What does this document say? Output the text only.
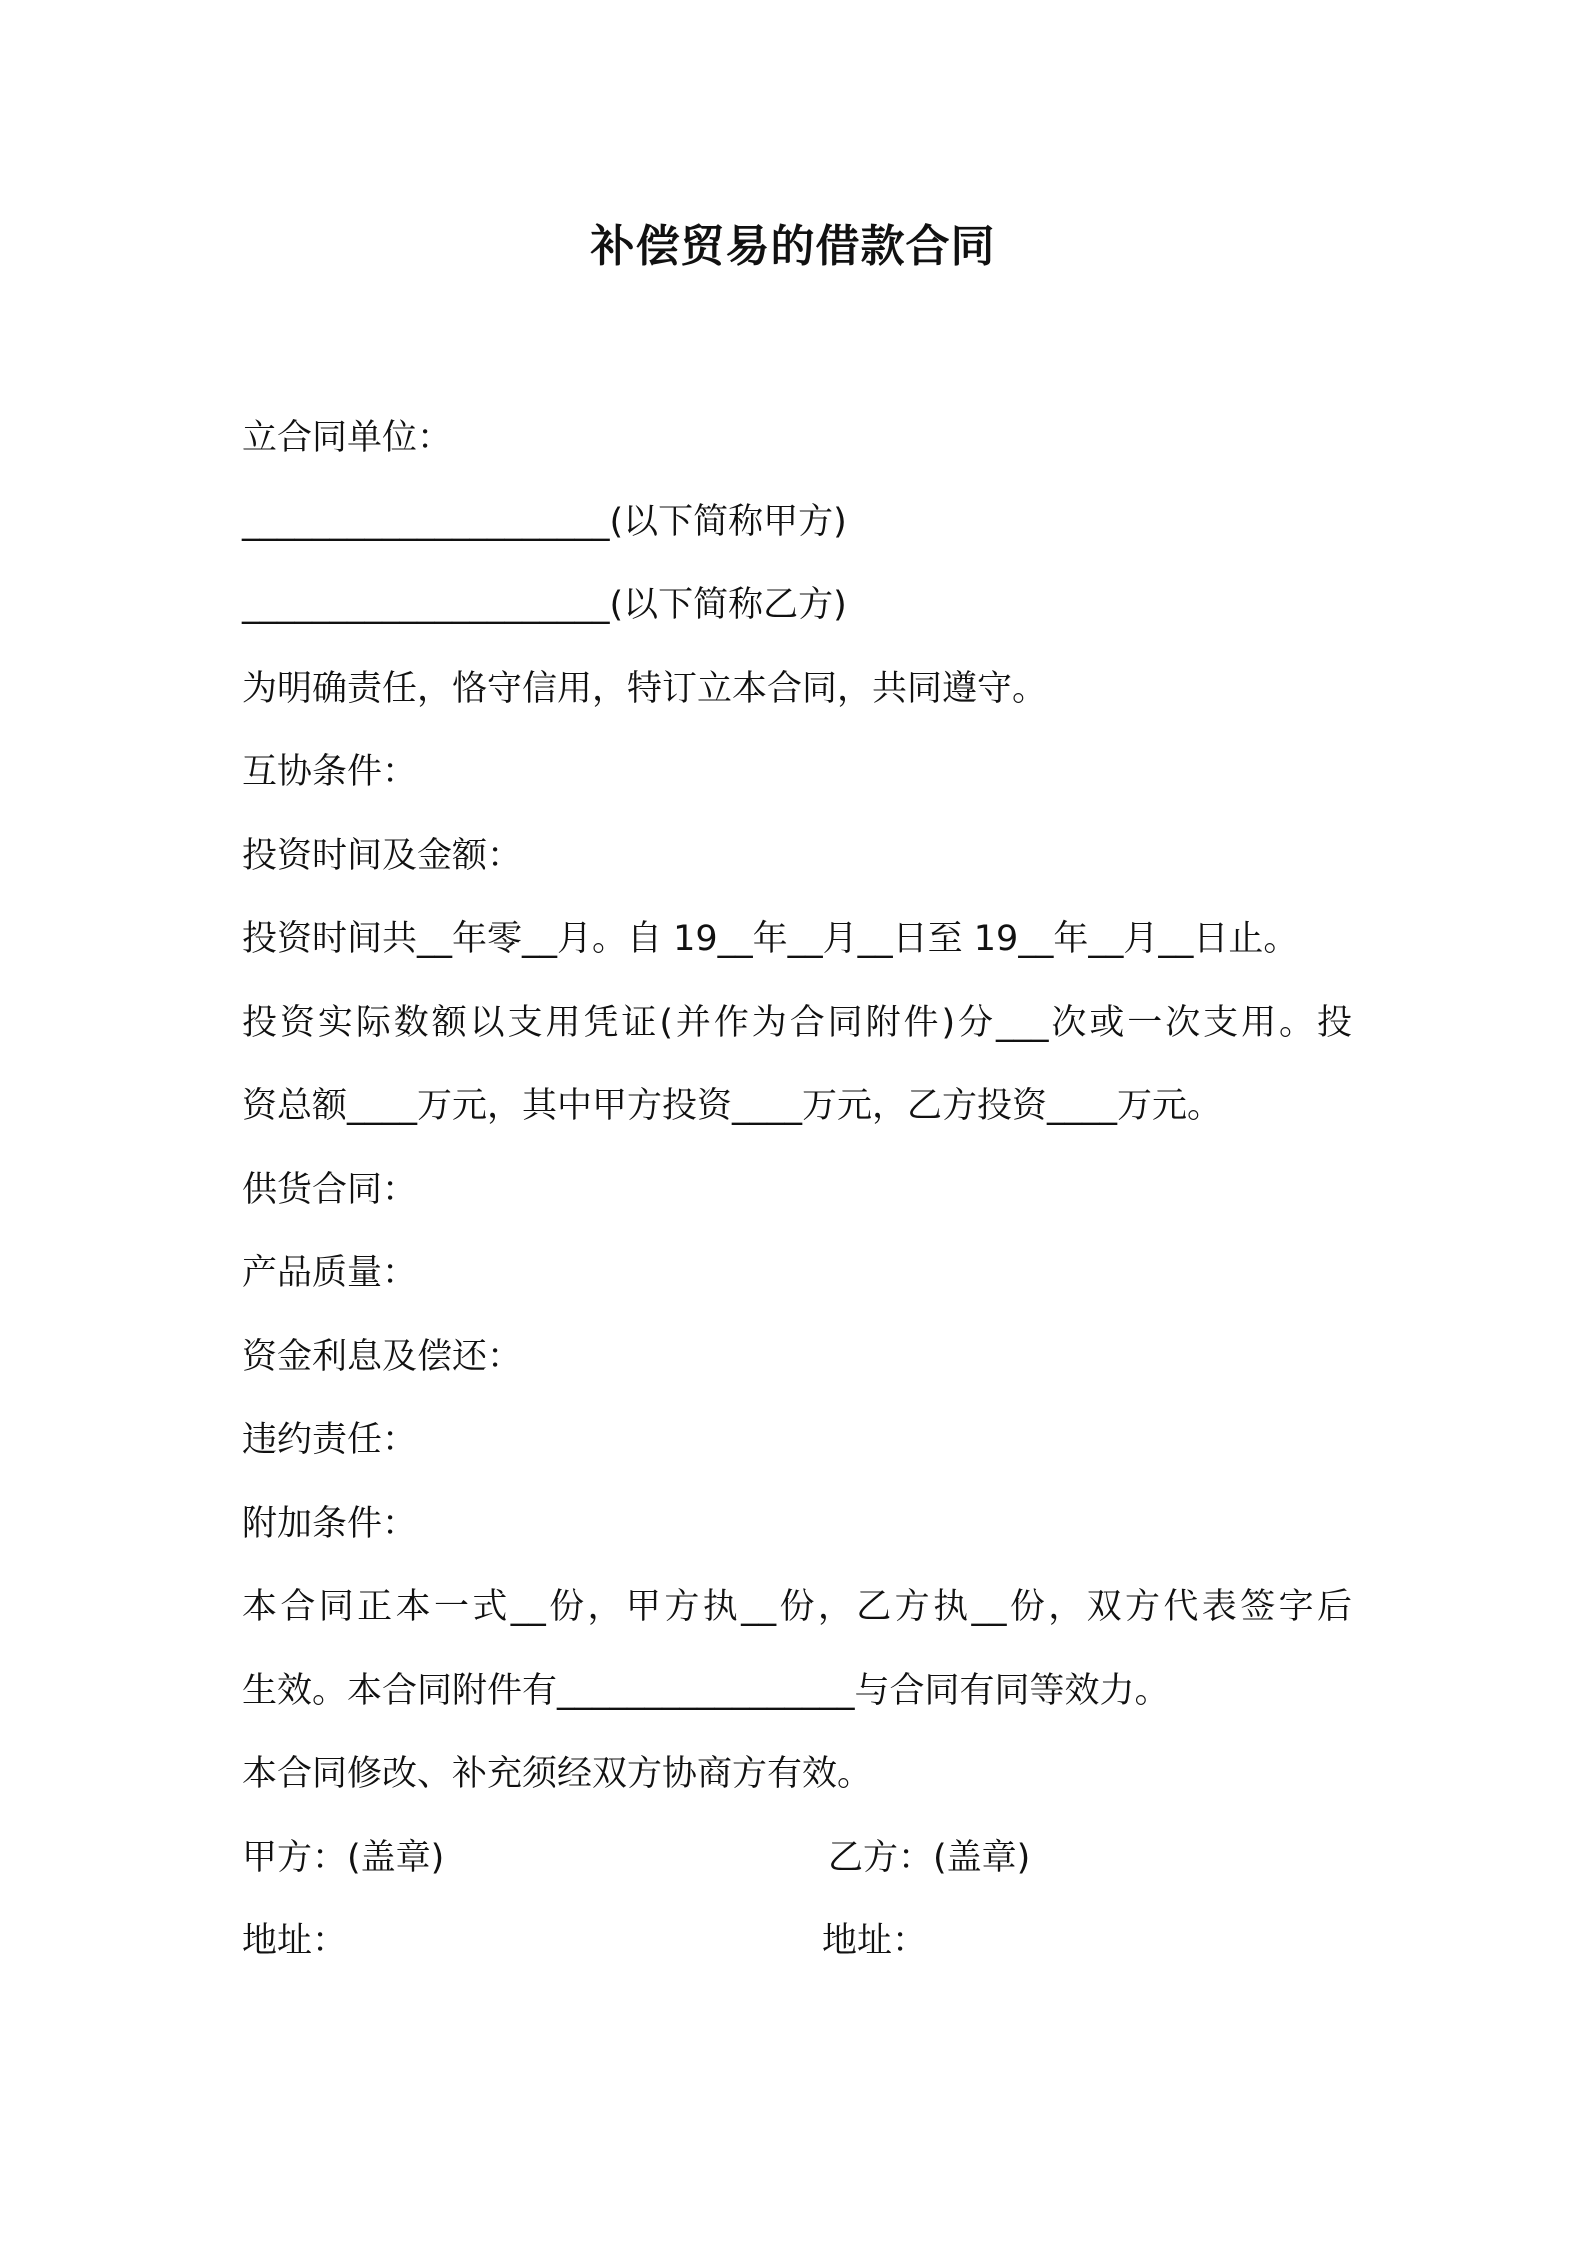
补偿贸易的借款合同
立合同单位：
_____________________(以下简称甲方)
_____________________(以下简称乙方)
为明确责任，恪守信用，特订立本合同，共同遵守。
互协条件：
投资时间及金额：
投资时间共__年零__月。自 19__年__月__日至 19__年__月__日止。
投资实际数额以支用凭证(并作为合同附件)分___次或一次支用。投
资总额____万元，其中甲方投资____万元，乙方投资____万元。
供货合同：
产品质量：
资金利息及偿还：
违约责任：
附加条件：
本合同正本一式__份，甲方执__份，乙方执__份，双方代表签字后
生效。本合同附件有_________________与合同有同等效力。
本合同修改、补充须经双方协商方有效。
甲方：(盖章)	乙方：(盖章)
地址：	地址：
